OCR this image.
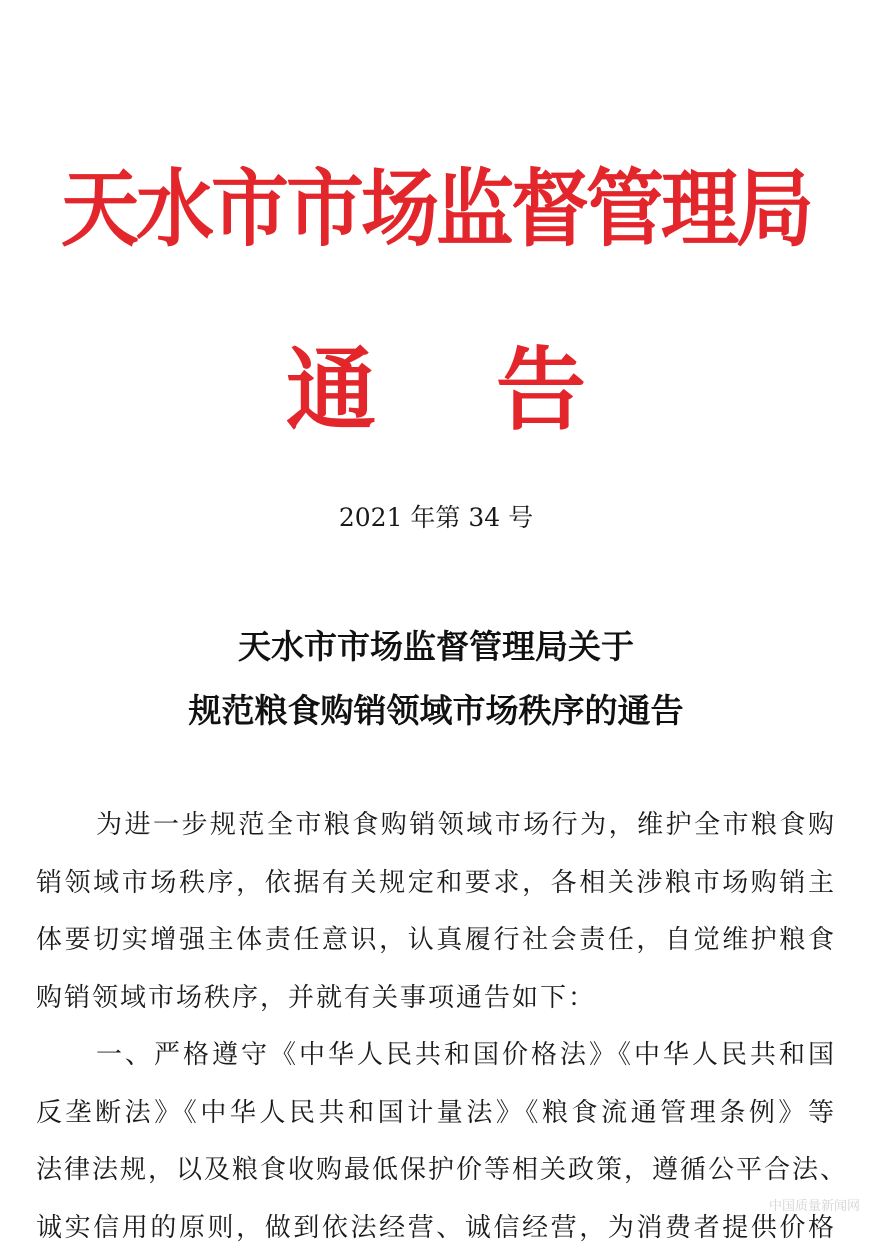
天水市市场监督管理局
通 告
2021 年第 34 号
天水市市场监督管理局关于
规范粮食购销领域市场秩序的通告
为进一步规范全市粮食购销领域市场行为，维护全市粮食购
销领域市场秩序，依据有关规定和要求，各相关涉粮市场购销主
体要切实增强主体责任意识，认真履行社会责任，自觉维护粮食
购销领域市场秩序，并就有关事项通告如下：
一、严格遵守《中华人民共和国价格法》《中华人民共和国
反垄断法》《中华人民共和国计量法》《粮食流通管理条例》等
法律法规，以及粮食收购最低保护价等相关政策，遵循公平合法、
诚实信用的原则，做到依法经营、诚信经营，为消费者提供价格
中国质量新闻网
